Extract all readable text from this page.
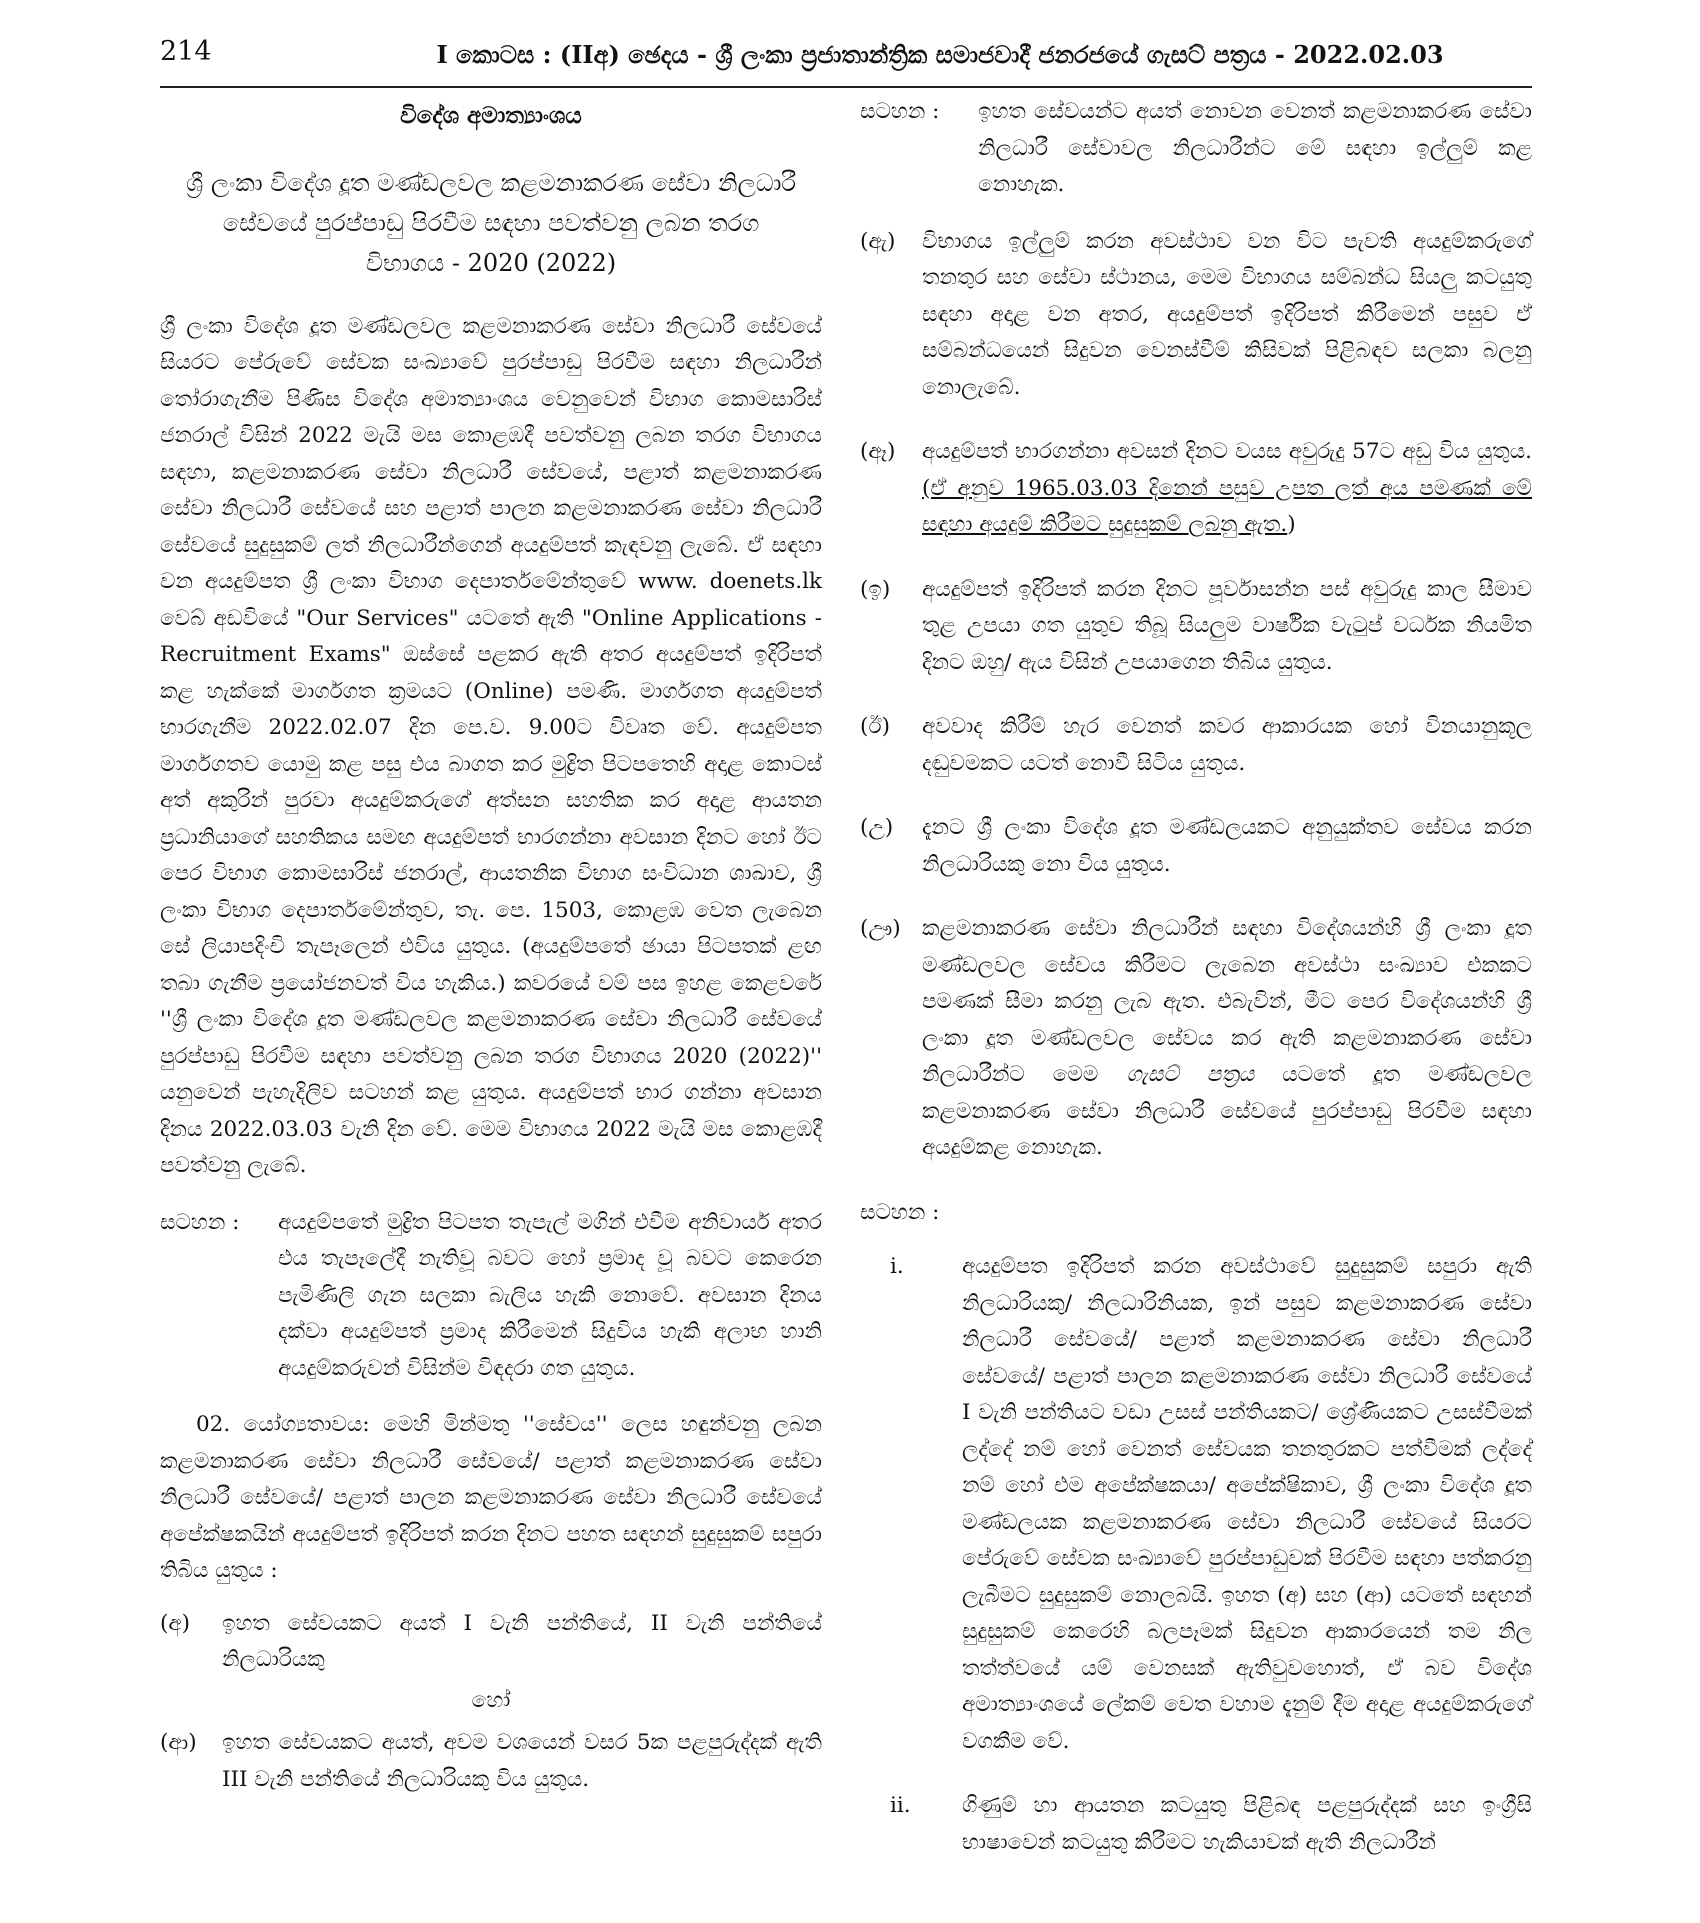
214	I කොටස : (IIඅ) ඡෙදය - ශ්‍රී ලංකා ප්‍රජාතාන්ත්‍රික සමාජවාදී ජනරජයේ ගැසට් පත්‍රය - 2022.02.03
විදේශ අමාත්‍යාංශය
ශ්‍රී ලංකා විදේශ දූත මණ්ඩලවල කළමනාකරණ සේවා නිලධාරී සේවයේ පුරප්පාඩු පිරවීම සඳහා පවත්වනු ලබන තරග විභාගය - 2020 (2022)

ශ්‍රී ලංකා විදේශ දූත මණ්ඩලවල කළමනාකරණ සේවා නිලධාරී සේවයේ සියරට පේරුවේ සේවක සංඛ්‍යාවේ පුරප්පාඩු පිරවීම සඳහා නිලධාරීන් තෝරාගැනීම පිණිස විදේශ අමාත්‍යාංශය වෙනුවෙන් විභාග කොමසාරිස් ජනරාල් විසින් 2022 මැයි මස කොළඹදී පවත්වනු ලබන තරග විභාගය සඳහා, කළමනාකරණ සේවා නිලධාරී සේවයේ, පළාත් කළමනාකරණ සේවා නිලධාරී සේවයේ සහ පළාත් පාලන කළමනාකරණ සේවා නිලධාරී සේවයේ සුදුසුකම් ලත් නිලධාරීන්ගෙන් අයදුම්පත් කැඳවනු ලැබේ. ඒ සඳහා වන අයදුම්පත ශ්‍රී ලංකා විභාග දෙපාර්තමේන්තුවේ www. doenets.lk වෙබ් අඩවියේ "Our Services" යටතේ ඇති "Online Applications - Recruitment Exams" ඔස්සේ පළකර ඇති අතර අයදුම්පත් ඉදිරිපත් කළ හැක්කේ මාර්ගගත ක්‍රමයට (Online) පමණි. මාර්ගගත අයදුම්පත් භාරගැනීම 2022.02.07 දින පෙ.ව. 9.00ට විවෘත වේ. අයදුම්පත මාර්ගගතව යොමු කළ පසු එය බාගත කර මුද්‍රිත පිටපතෙහි අදාළ කොටස් අත් අකුරින් පුරවා අයදුම්කරුගේ අත්සන සහතික කර අදාළ ආයතන ප්‍රධානියාගේ සහතිකය සමඟ අයදුම්පත් භාරගන්නා අවසාන දිනට හෝ ඊට පෙර විභාග කොමසාරිස් ජනරාල්, ආයතනික විභාග සංවිධාන ශාඛාව, ශ්‍රී ලංකා විභාග දෙපාර්තමේන්තුව, තැ. පෙ. 1503, කොළඹ වෙත ලැබෙන සේ ලියාපදිංචි තැපෑලෙන් එවිය යුතුය. (අයදුම්පතේ ඡායා පිටපතක් ළඟ තබා ගැනීම ප්‍රයෝජනවත් විය හැකිය.) කවරයේ වම් පස ඉහළ කෙළවරේ ''ශ්‍රී ලංකා විදේශ දූත මණ්ඩලවල කළමනාකරණ සේවා නිලධාරී සේවයේ පුරප්පාඩු පිරවීම සඳහා පවත්වනු ලබන තරග විභාගය 2020 (2022)'' යනුවෙන් පැහැදිලිව සටහන් කළ යුතුය. අයදුම්පත් භාර ගන්නා අවසාන දිනය 2022.03.03 වැනි දින වේ. මෙම විභාගය 2022 මැයි මස කොළඹදී පවත්වනු ලැබේ.

සටහන :	අයදුම්පතේ මුද්‍රිත පිටපත තැපැල් මගින් එවීම අනිවාර්ය අතර එය තැපෑලේදී නැතිවූ බවට හෝ ප්‍රමාද වූ බවට කෙරෙන පැමිණිලි ගැන සලකා බැලිය හැකි නොවේ. අවසාන දිනය දක්වා අයදුම්පත් ප්‍රමාද කිරීමෙන් සිදුවිය හැකි අලාභ හානි අයදුම්කරුවන් විසින්ම විඳදරා ගත යුතුය.

02. යෝග්‍යතාවය: මෙහි මින්මතු ''සේවය'' ලෙස හඳුන්වනු ලබන කළමනාකරණ සේවා නිලධාරී සේවයේ/ පළාත් කළමනාකරණ සේවා නිලධාරී සේවයේ/ පළාත් පාලන කළමනාකරණ සේවා නිලධාරී සේවයේ අපේක්ෂකයින් අයදුම්පත් ඉදිරිපත් කරන දිනට පහත සඳහන් සුදුසුකම් සපුරා තිබිය යුතුය :

(අ)	ඉහත සේවයකට අයත් I වැනි පන්තියේ, II වැනි පන්තියේ නිලධාරියකු
හෝ
(ආ)	ඉහත සේවයකට අයත්, අවම වශයෙන් වසර 5ක පළපුරුද්දක් ඇති III වැනි පන්තියේ නිලධාරියකු විය යුතුය.
සටහන :	ඉහත සේවයන්ට අයත් නොවන වෙනත් කළමනාකරණ සේවා නිලධාරී සේවාවල නිලධාරීන්ට මේ සඳහා ඉල්ලුම් කළ නොහැක.
(ඇ)	විභාගය ඉල්ලුම් කරන අවස්ථාව වන විට පැවති අයදුම්කරුගේ තනතුර සහ සේවා ස්ථානය, මෙම විභාගය සම්බන්ධ සියලු කටයුතු සඳහා අදාළ වන අතර, අයදුම්පත් ඉදිරිපත් කිරීමෙන් පසුව ඒ සම්බන්ධයෙන් සිදුවන වෙනස්වීම් කිසිවක් පිළිබඳව සලකා බලනු නොලැබේ.
(ඈ)	අයදුම්පත් භාරගන්නා අවසන් දිනට වයස අවුරුදු 57ට අඩු විය යුතුය. (ඒ අනුව 1965.03.03 දිනෙන් පසුව උපත ලත් අය පමණක් මේ සඳහා අයදුම් කිරීමට සුදුසුකම් ලබනු ඇත.)
(ඉ)	අයදුම්පත් ඉදිරිපත් කරන දිනට පූර්වාසන්න පස් අවුරුදු කාල සීමාව තුළ උපයා ගත යුතුව තිබූ සියලුම වාර්ෂික වැටුප් වර්ධක නියමිත දිනට ඔහු/ ඇය විසින් උපයාගෙන තිබිය යුතුය.
(ඊ)	අවවාද කිරීම් හැර වෙනත් කවර ආකාරයක හෝ විනයානුකූල දඬුවමකට යටත් නොවී සිටිය යුතුය.
(උ)	දැනට ශ්‍රී ලංකා විදේශ දූත මණ්ඩලයකට අනුයුක්තව සේවය කරන නිලධාරියකු නො විය යුතුය.
(ඌ) කළමනාකරණ සේවා නිලධාරීන් සඳහා විදේශයන්හි ශ්‍රී ලංකා දූත මණ්ඩලවල සේවය කිරීමට ලැබෙන අවස්ථා සංඛ්‍යාව එකකට පමණක් සීමා කරනු ලැබ ඇත. එබැවින්, මීට පෙර විදේශයන්හි ශ්‍රී ලංකා දූත මණ්ඩලවල සේවය කර ඇති කළමනාකරණ සේවා නිලධාරීන්ට මෙම ගැසට් පත්‍රය යටතේ දූත මණ්ඩලවල කළමනාකරණ සේවා නිලධාරී සේවයේ පුරප්පාඩු පිරවීම සඳහා අයදුම්කළ නොහැක.
සටහන :
i.	අයදුම්පත ඉදිරිපත් කරන අවස්ථාවේ සුදුසුකම් සපුරා ඇති නිලධාරියකු/ නිලධාරිනියක, ඉන් පසුව කළමනාකරණ සේවා නිලධාරී සේවයේ/ පළාත් කළමනාකරණ සේවා නිලධාරී සේවයේ/ පළාත් පාලන කළමනාකරණ සේවා නිලධාරී සේවයේ I වැනි පන්තියට වඩා උසස් පන්තියකට/ ශ්‍රේණියකට උසස්වීමක් ලද්දේ නම් හෝ වෙනත් සේවයක තනතුරකට පත්වීමක් ලද්දේ නම් හෝ එම අපේක්ෂකයා/ අපේක්ෂිකාව, ශ්‍රී ලංකා විදේශ දූත මණ්ඩලයක කළමනාකරණ සේවා නිලධාරී සේවයේ සියරට පේරුවේ සේවක සංඛ්‍යාවේ පුරප්පාඩුවක් පිරවීම සඳහා පත්කරනු ලැබීමට සුදුසුකම් නොලබයි. ඉහත (අ) සහ (ආ) යටතේ සඳහන් සුදුසුකම් කෙරෙහි බලපෑමක් සිදුවන ආකාරයෙන් තම නිල තත්ත්වයේ යම් වෙනසක් ඇතිවුවහොත්, ඒ බව විදේශ අමාත්‍යාංශයේ ලේකම් වෙත වහාම දැනුම් දීම අදාළ අයදුම්කරුගේ වගකීම වේ.
ii.	ගිණුම් හා ආයතන කටයුතු පිළිබඳ පළපුරුද්දක් සහ ඉංග්‍රීසි භාෂාවෙන් කටයුතු කිරීමට හැකියාවක් ඇති නිලධාරීන්
